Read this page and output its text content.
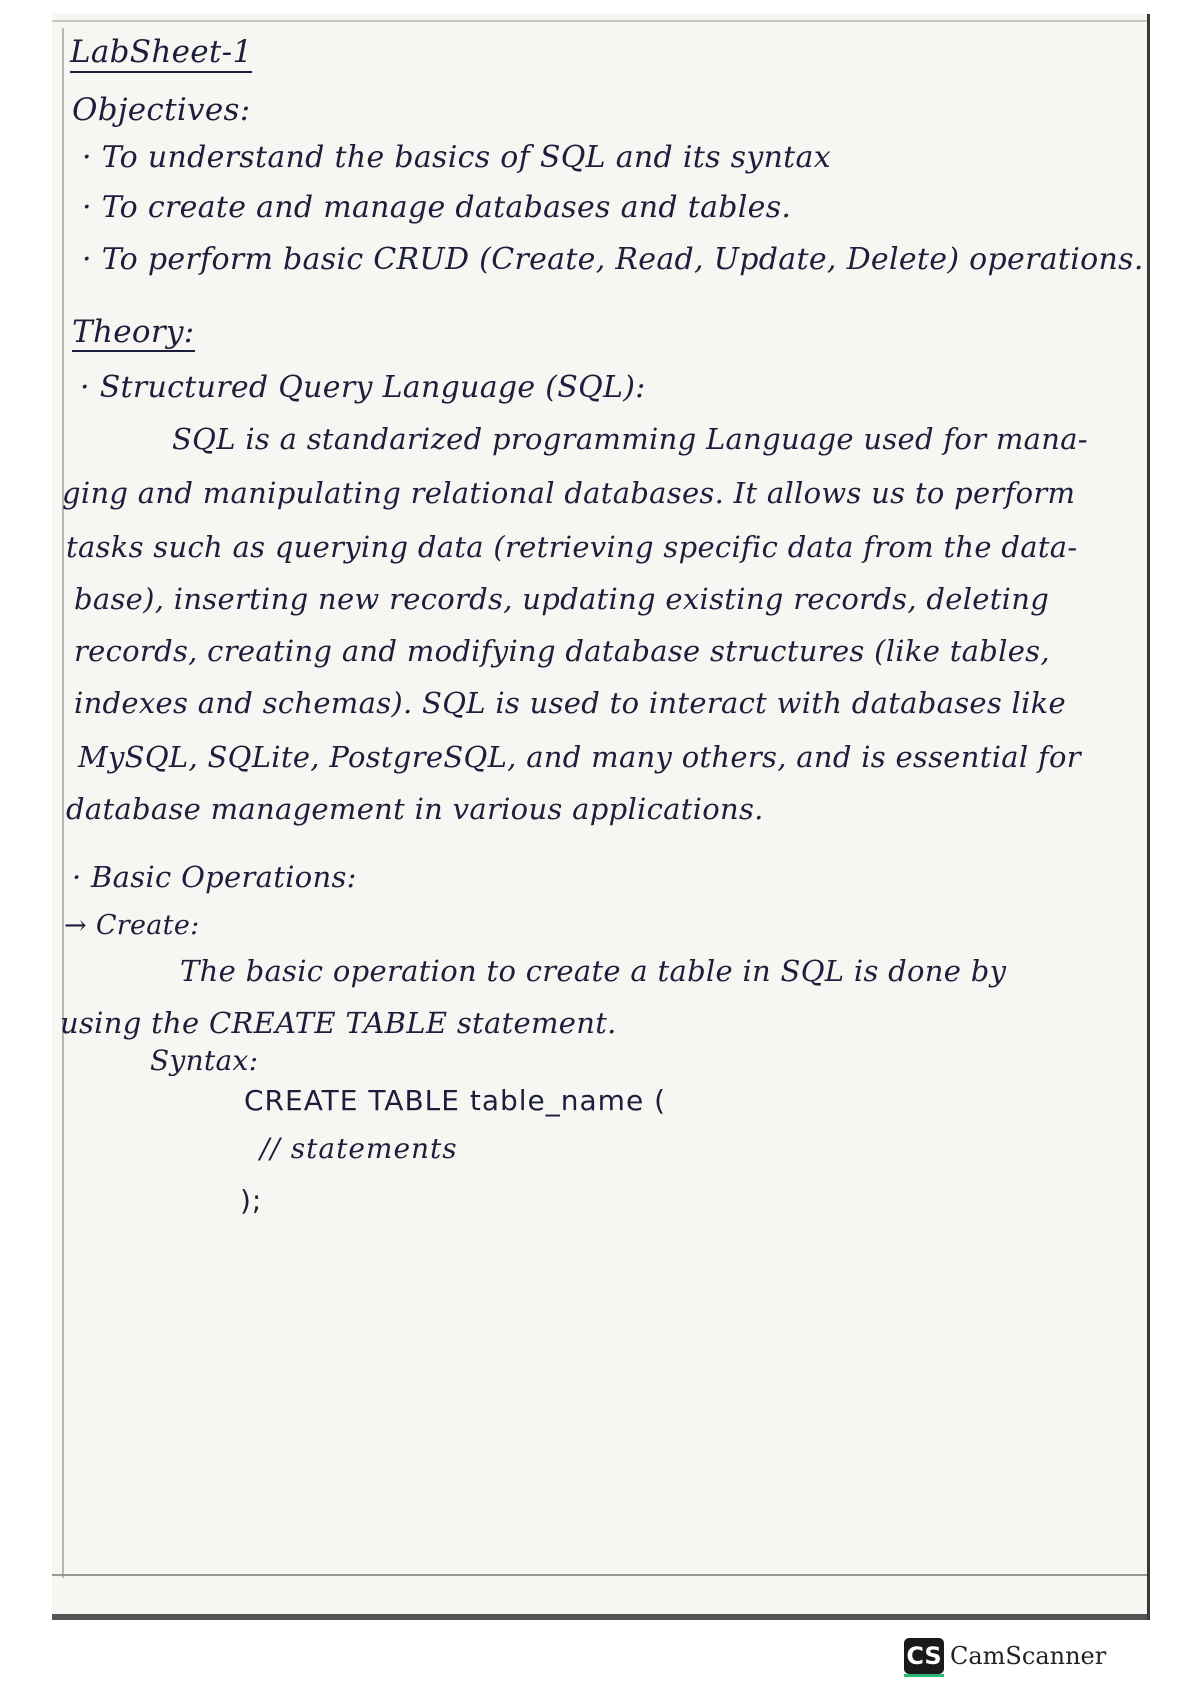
LabSheet-1
Objectives:
· To understand the basics of SQL and its syntax
· To create and manage databases and tables.
· To perform basic CRUD (Create, Read, Update, Delete) operations.
Theory:
· Structured Query Language (SQL):
SQL is a standarized programming Language used for mana-
ging and manipulating relational databases. It allows us to perform
tasks such as querying data (retrieving specific data from the data-
base), inserting new records, updating existing records, deleting
records, creating and modifying database structures (like tables,
indexes and schemas). SQL is used to interact with databases like
MySQL, SQLite, PostgreSQL, and many others, and is essential for
database management in various applications.
· Basic Operations:
→ Create:
The basic operation to create a table in SQL is done by
using the CREATE TABLE statement.
Syntax:
CREATE TABLE table_name (
// statements
);
CS CamScanner
